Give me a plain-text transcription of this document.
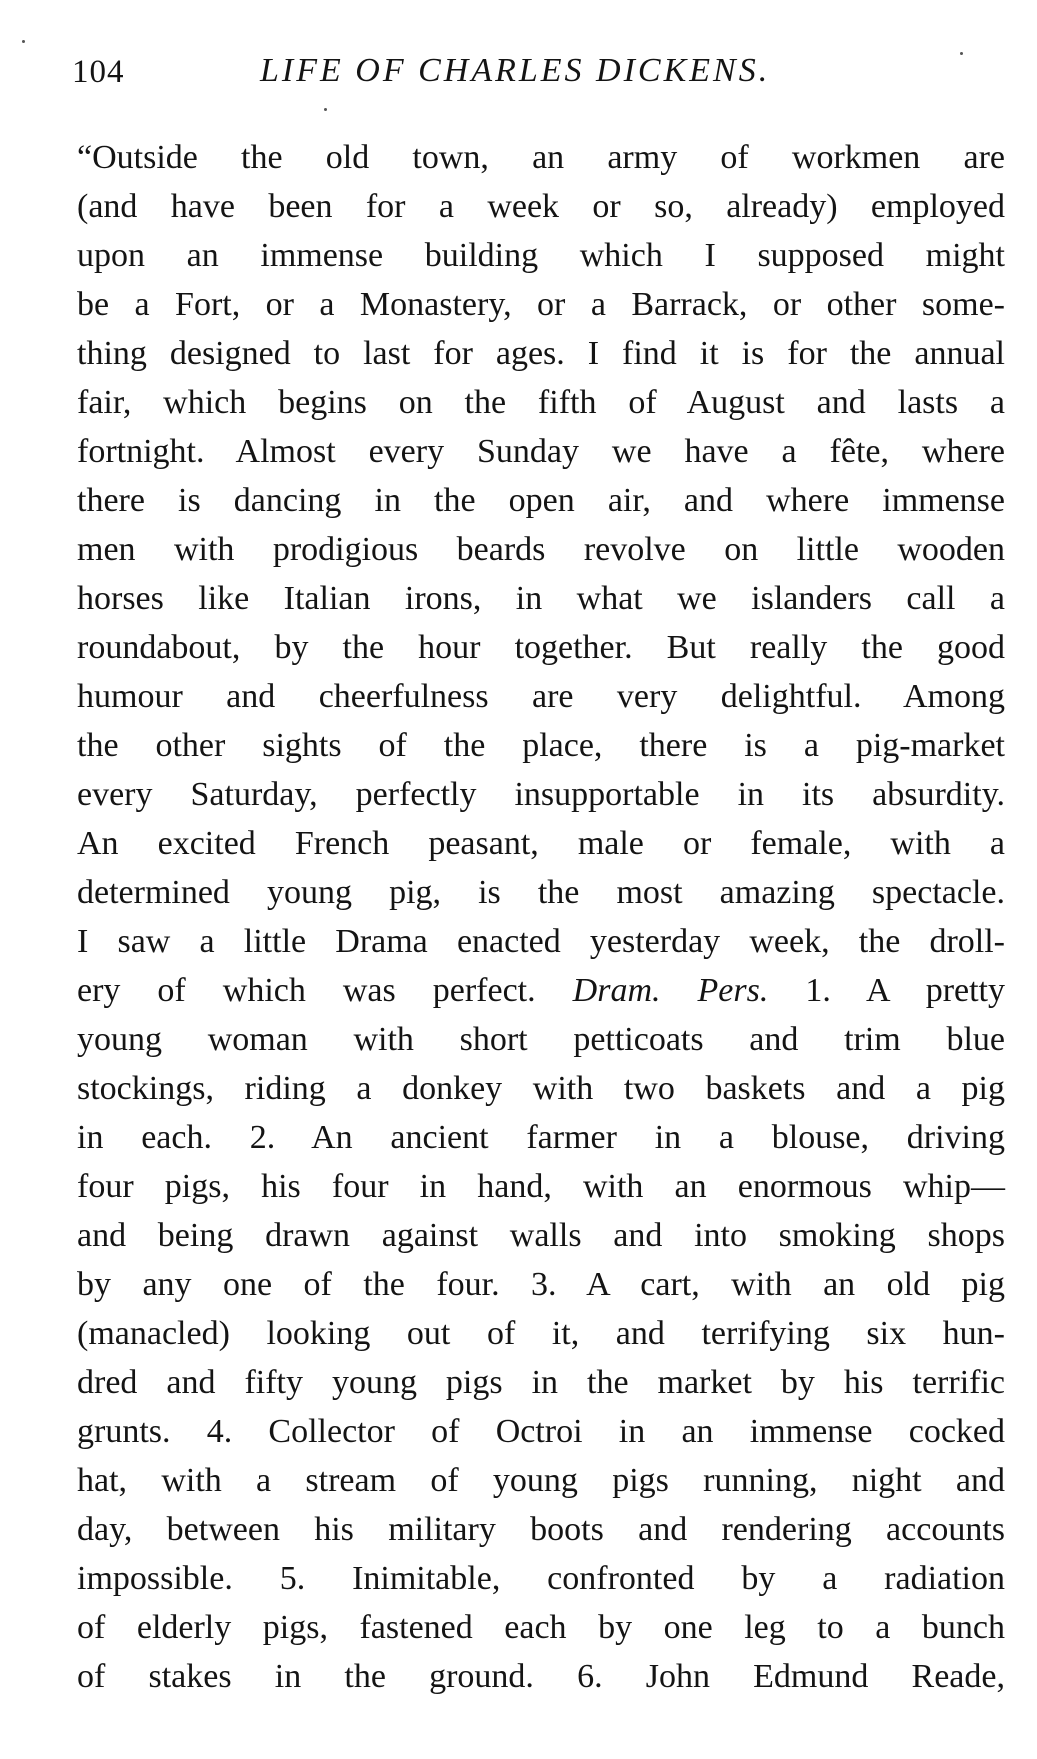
104	LIFE OF CHARLES DICKENS.
“Outside the old town, an army of workmen are
(and have been for a week or so, already) employed
upon an immense building which I supposed might
be a Fort, or a Monastery, or a Barrack, or other some-
thing designed to last for ages. I find it is for the annual
fair, which begins on the fifth of August and lasts a
fortnight. Almost every Sunday we have a fête, where
there is dancing in the open air, and where immense
men with prodigious beards revolve on little wooden
horses like Italian irons, in what we islanders call a
roundabout, by the hour together. But really the good
humour and cheerfulness are very delightful. Among
the other sights of the place, there is a pig-market
every Saturday, perfectly insupportable in its absurdity.
An excited French peasant, male or female, with a
determined young pig, is the most amazing spectacle.
I saw a little Drama enacted yesterday week, the droll-
ery of which was perfect. Dram. Pers. 1. A pretty
young woman with short petticoats and trim blue
stockings, riding a donkey with two baskets and a pig
in each. 2. An ancient farmer in a blouse, driving
four pigs, his four in hand, with an enormous whip—
and being drawn against walls and into smoking shops
by any one of the four. 3. A cart, with an old pig
(manacled) looking out of it, and terrifying six hun-
dred and fifty young pigs in the market by his terrific
grunts. 4. Collector of Octroi in an immense cocked
hat, with a stream of young pigs running, night and
day, between his military boots and rendering accounts
impossible. 5. Inimitable, confronted by a radiation
of elderly pigs, fastened each by one leg to a bunch
of stakes in the ground. 6. John Edmund Reade,
